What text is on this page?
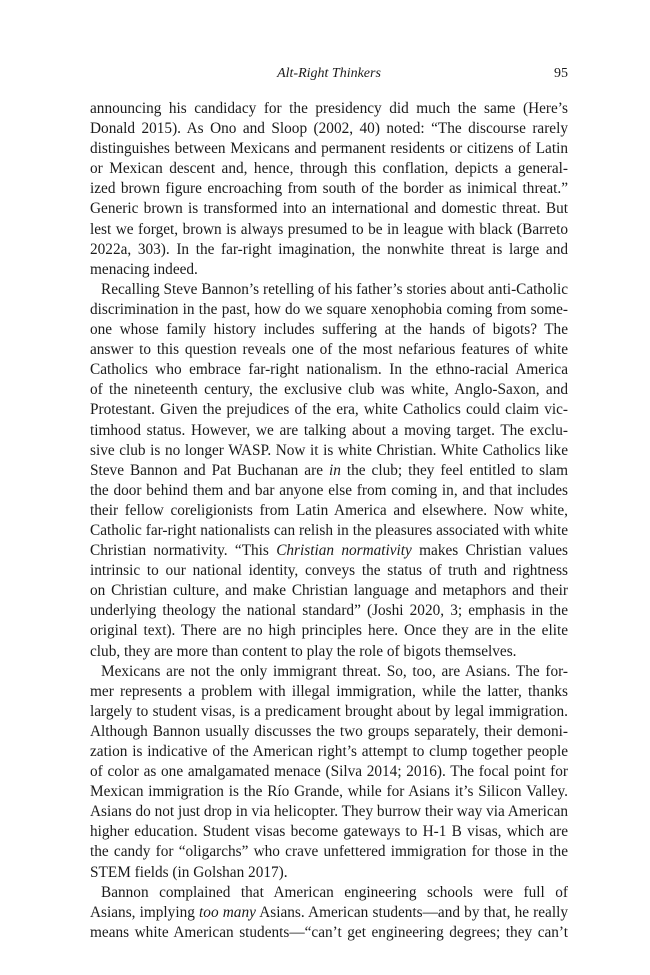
Alt-Right Thinkers	95
announcing his candidacy for the presidency did much the same (Here’s
Donald 2015). As Ono and Sloop (2002, 40) noted: “The discourse rarely
distinguishes between Mexicans and permanent residents or citizens of Latin
or Mexican descent and, hence, through this conflation, depicts a general-
ized brown figure encroaching from south of the border as inimical threat.”
Generic brown is transformed into an international and domestic threat. But
lest we forget, brown is always presumed to be in league with black (Barreto
2022a, 303). In the far-right imagination, the nonwhite threat is large and
menacing indeed.
Recalling Steve Bannon’s retelling of his father’s stories about anti-Catholic
discrimination in the past, how do we square xenophobia coming from some-
one whose family history includes suffering at the hands of bigots? The
answer to this question reveals one of the most nefarious features of white
Catholics who embrace far-right nationalism. In the ethno-racial America
of the nineteenth century, the exclusive club was white, Anglo-Saxon, and
Protestant. Given the prejudices of the era, white Catholics could claim vic-
timhood status. However, we are talking about a moving target. The exclu-
sive club is no longer WASP. Now it is white Christian. White Catholics like
Steve Bannon and Pat Buchanan are in the club; they feel entitled to slam
the door behind them and bar anyone else from coming in, and that includes
their fellow coreligionists from Latin America and elsewhere. Now white,
Catholic far-right nationalists can relish in the pleasures associated with white
Christian normativity. “This Christian normativity makes Christian values
intrinsic to our national identity, conveys the status of truth and rightness
on Christian culture, and make Christian language and metaphors and their
underlying theology the national standard” (Joshi 2020, 3; emphasis in the
original text). There are no high principles here. Once they are in the elite
club, they are more than content to play the role of bigots themselves.
Mexicans are not the only immigrant threat. So, too, are Asians. The for-
mer represents a problem with illegal immigration, while the latter, thanks
largely to student visas, is a predicament brought about by legal immigration.
Although Bannon usually discusses the two groups separately, their demoni-
zation is indicative of the American right’s attempt to clump together people
of color as one amalgamated menace (Silva 2014; 2016). The focal point for
Mexican immigration is the Río Grande, while for Asians it’s Silicon Valley.
Asians do not just drop in via helicopter. They burrow their way via American
higher education. Student visas become gateways to H-1 B visas, which are
the candy for “oligarchs” who crave unfettered immigration for those in the
STEM fields (in Golshan 2017).
Bannon complained that American engineering schools were full of
Asians, implying too many Asians. American students—and by that, he really
means white American students—“can’t get engineering degrees; they can’t
